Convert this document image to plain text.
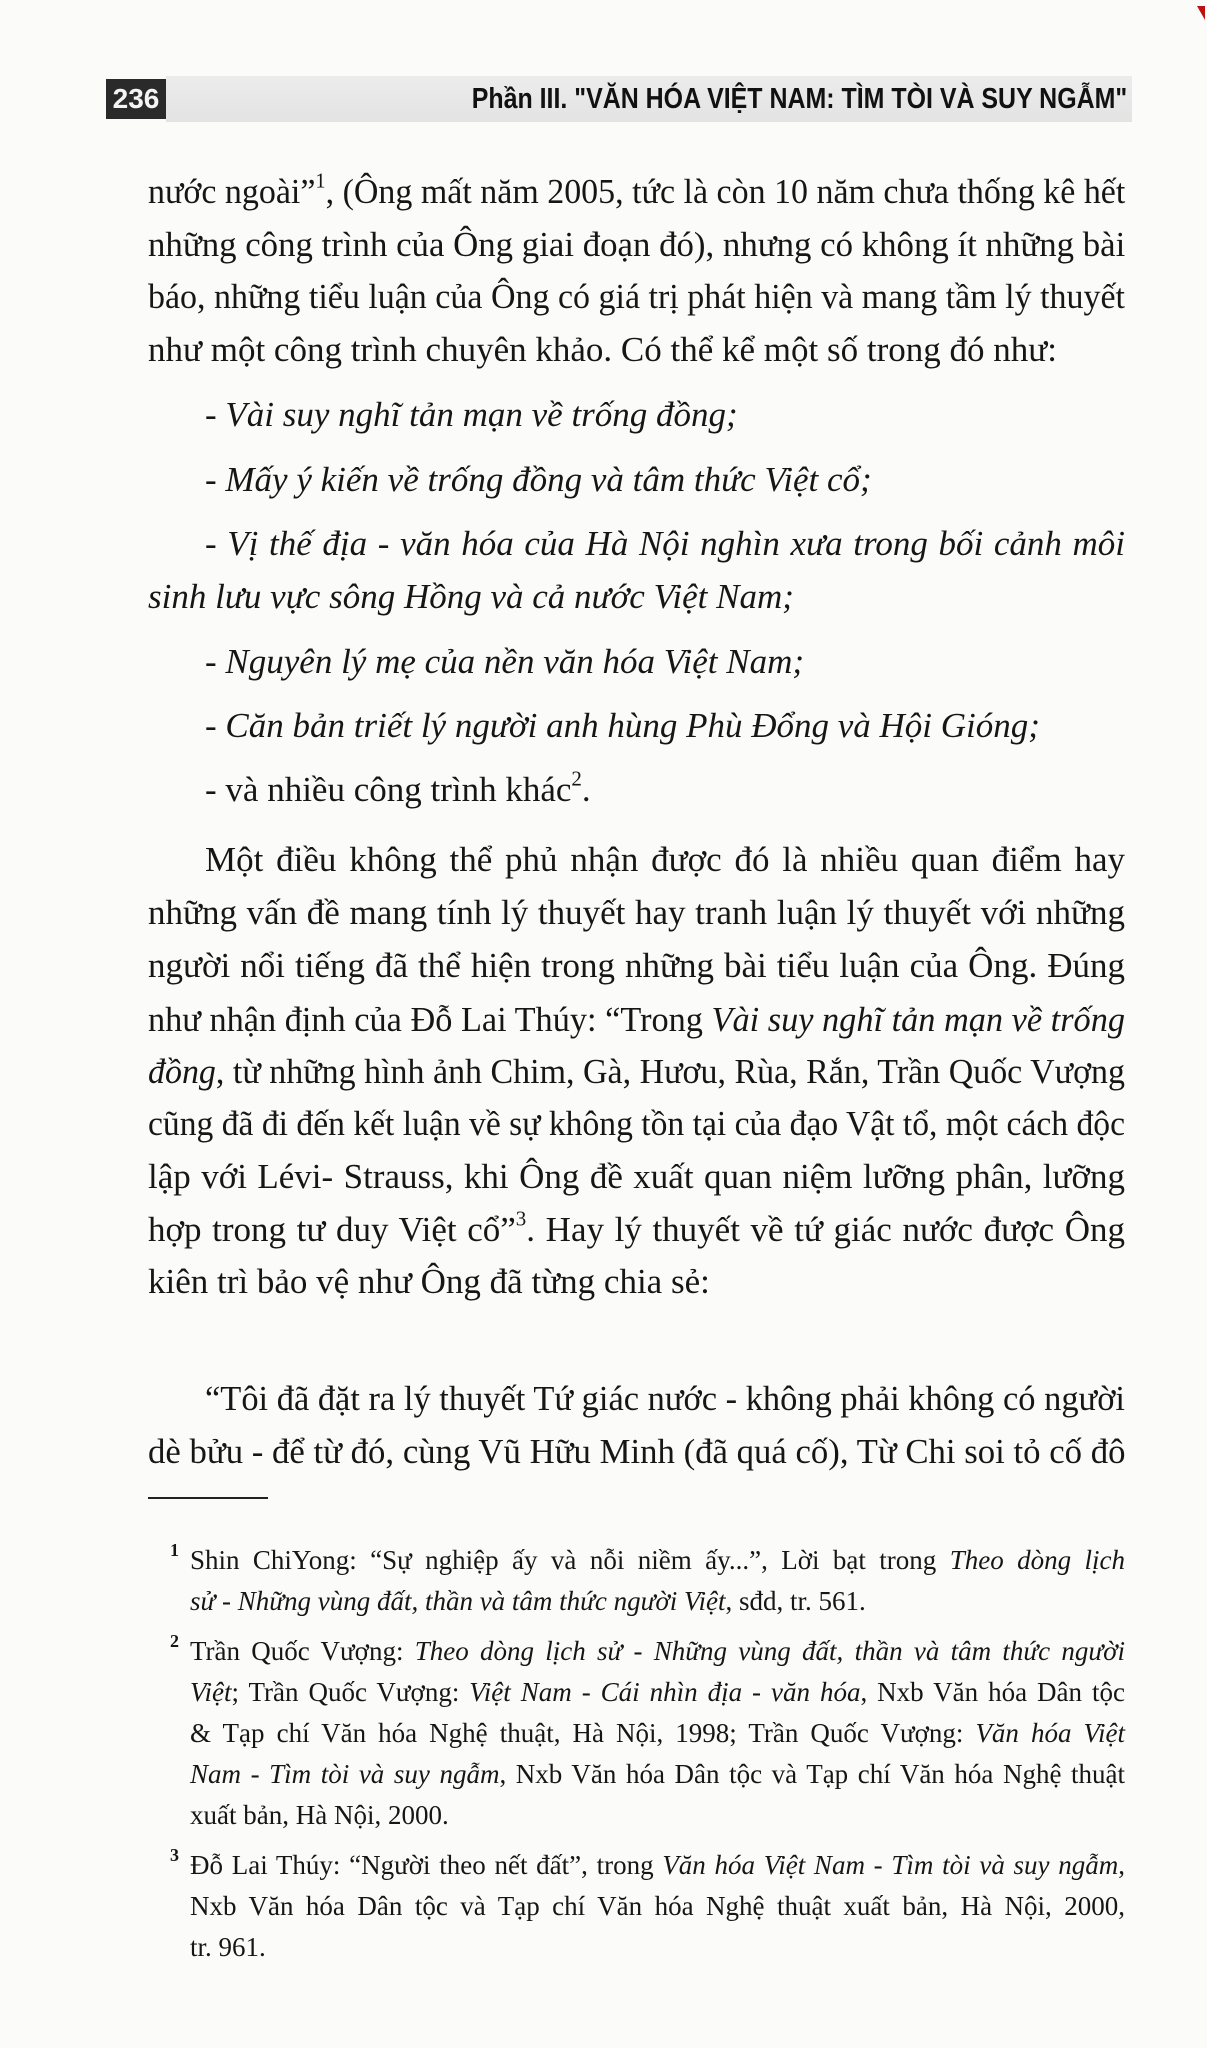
236	Phần III. "VĂN HÓA VIỆT NAM: TÌM TÒI VÀ SUY NGẪM"
nước ngoài”$^1$, (Ông mất năm 2005, tức là còn 10 năm chưa thống kê hết
những công trình của Ông giai đoạn đó), nhưng có không ít những bài
báo, những tiểu luận của Ông có giá trị phát hiện và mang tầm lý thuyết
như một công trình chuyên khảo. Có thể kể một số trong đó như:
- Vài suy nghĩ tản mạn về trống đồng;
- Mấy ý kiến về trống đồng và tâm thức Việt cổ;
- Vị thế địa - văn hóa của Hà Nội nghìn xưa trong bối cảnh môi
sinh lưu vực sông Hồng và cả nước Việt Nam;
- Nguyên lý mẹ của nền văn hóa Việt Nam;
- Căn bản triết lý người anh hùng Phù Đổng và Hội Gióng;
- và nhiều công trình khác$^2$.
Một điều không thể phủ nhận được đó là nhiều quan điểm hay
những vấn đề mang tính lý thuyết hay tranh luận lý thuyết với những
người nổi tiếng đã thể hiện trong những bài tiểu luận của Ông. Đúng
như nhận định của Đỗ Lai Thúy: “Trong Vài suy nghĩ tản mạn về trống
đồng, từ những hình ảnh Chim, Gà, Hươu, Rùa, Rắn, Trần Quốc Vượng
cũng đã đi đến kết luận về sự không tồn tại của đạo Vật tổ, một cách độc
lập với Lévi- Strauss, khi Ông đề xuất quan niệm lưỡng phân, lưỡng
hợp trong tư duy Việt cổ”$^3$. Hay lý thuyết về tứ giác nước được Ông
kiên trì bảo vệ như Ông đã từng chia sẻ:
“Tôi đã đặt ra lý thuyết Tứ giác nước - không phải không có người
dè bửu - để từ đó, cùng Vũ Hữu Minh (đã quá cố), Từ Chi soi tỏ cố đô
1 Shin ChiYong: “Sự nghiệp ấy và nỗi niềm ấy...”, Lời bạt trong Theo dòng lịch
sử - Những vùng đất, thần và tâm thức người Việt, sđd, tr. 561.
2 Trần Quốc Vượng: Theo dòng lịch sử - Những vùng đất, thần và tâm thức người
Việt; Trần Quốc Vượng: Việt Nam - Cái nhìn địa - văn hóa, Nxb Văn hóa Dân tộc
& Tạp chí Văn hóa Nghệ thuật, Hà Nội, 1998; Trần Quốc Vượng: Văn hóa Việt
Nam - Tìm tòi và suy ngẫm, Nxb Văn hóa Dân tộc và Tạp chí Văn hóa Nghệ thuật
xuất bản, Hà Nội, 2000.
3 Đỗ Lai Thúy: “Người theo nết đất”, trong Văn hóa Việt Nam - Tìm tòi và suy ngẫm,
Nxb Văn hóa Dân tộc và Tạp chí Văn hóa Nghệ thuật xuất bản, Hà Nội, 2000,
tr. 961.
